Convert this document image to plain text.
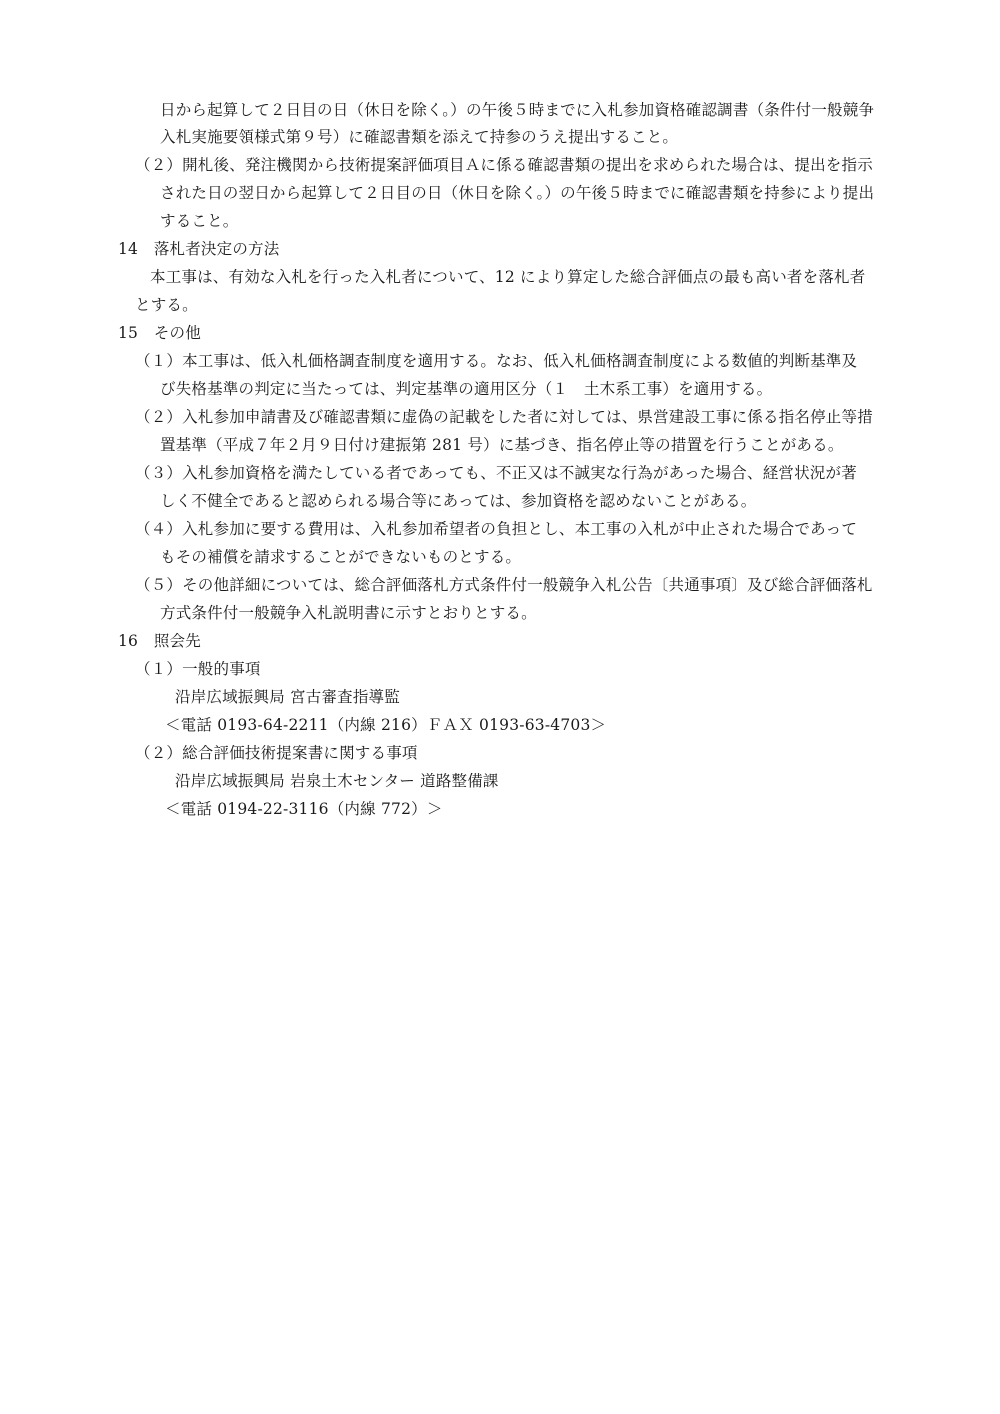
日から起算して２日目の日（休日を除く。）の午後５時までに入札参加資格確認調書（条件付一般競争
入札実施要領様式第９号）に確認書類を添えて持参のうえ提出すること。
（２）開札後、発注機関から技術提案評価項目Ａに係る確認書類の提出を求められた場合は、提出を指示
された日の翌日から起算して２日目の日（休日を除く。）の午後５時までに確認書類を持参により提出
すること。
14　落札者決定の方法
本工事は、有効な入札を行った入札者について、12 により算定した総合評価点の最も高い者を落札者
とする。
15　その他
（１）本工事は、低入札価格調査制度を適用する。なお、低入札価格調査制度による数値的判断基準及
び失格基準の判定に当たっては、判定基準の適用区分（１　土木系工事）を適用する。
（２）入札参加申請書及び確認書類に虚偽の記載をした者に対しては、県営建設工事に係る指名停止等措
置基準（平成７年２月９日付け建振第 281 号）に基づき、指名停止等の措置を行うことがある。
（３）入札参加資格を満たしている者であっても、不正又は不誠実な行為があった場合、経営状況が著
しく不健全であると認められる場合等にあっては、参加資格を認めないことがある。
（４）入札参加に要する費用は、入札参加希望者の負担とし、本工事の入札が中止された場合であって
もその補償を請求することができないものとする。
（５）その他詳細については、総合評価落札方式条件付一般競争入札公告〔共通事項〕及び総合評価落札
方式条件付一般競争入札説明書に示すとおりとする。
16　照会先
（１）一般的事項
沿岸広域振興局 宮古審査指導監
＜電話 0193-64-2211（内線 216）ＦＡＸ 0193-63-4703＞
（２）総合評価技術提案書に関する事項
沿岸広域振興局 岩泉土木センター 道路整備課
＜電話 0194-22-3116（内線 772）＞
